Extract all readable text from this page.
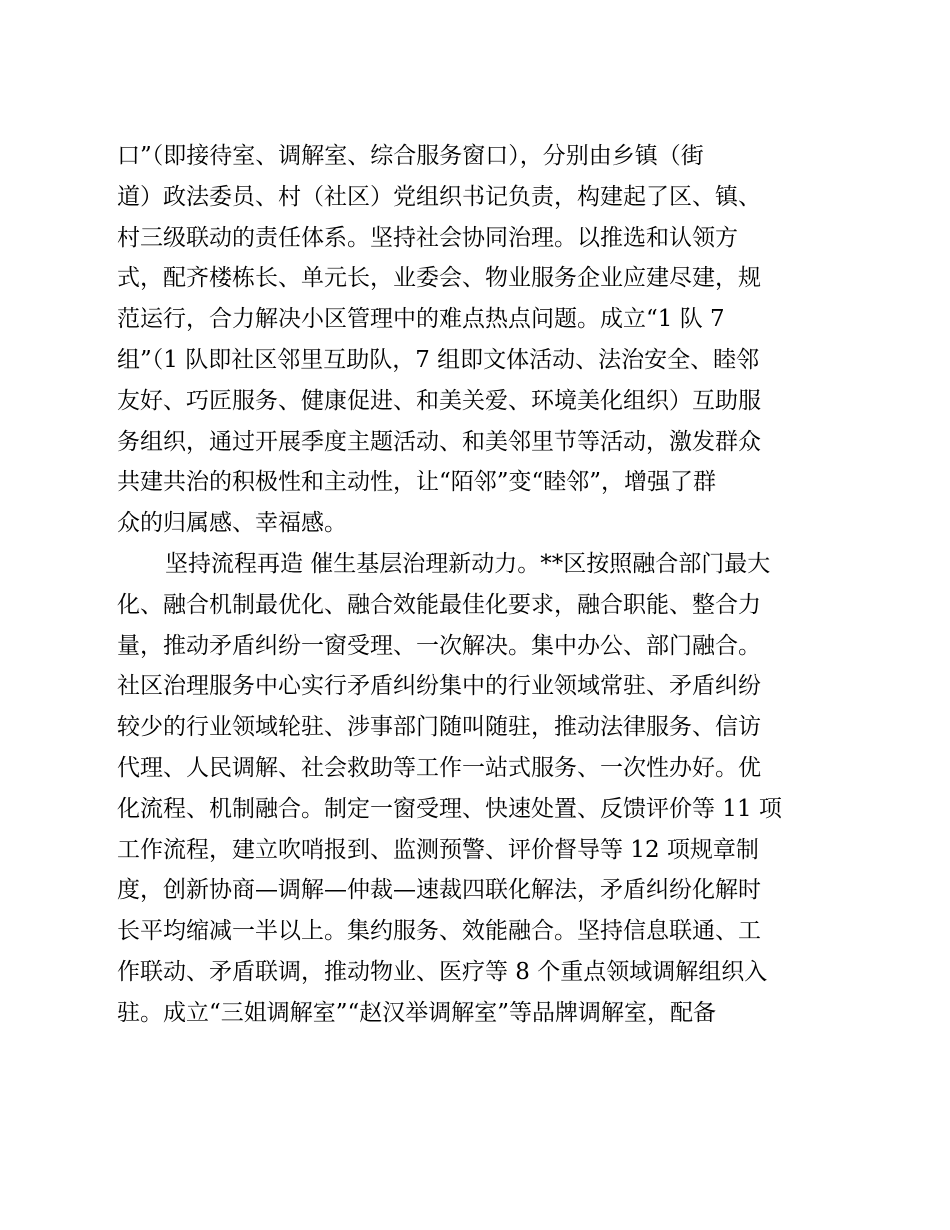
口”（即接待室、调解室、综合服务窗口），分别由乡镇（街
道）政法委员、村（社区）党组织书记负责，构建起了区、镇、
村三级联动的责任体系。坚持社会协同治理。以推选和认领方
式，配齐楼栋长、单元长，业委会、物业服务企业应建尽建，规
范运行，合力解决小区管理中的难点热点问题。成立“1 队 7
组”（1 队即社区邻里互助队，7 组即文体活动、法治安全、睦邻
友好、巧匠服务、健康促进、和美关爱、环境美化组织）互助服
务组织，通过开展季度主题活动、和美邻里节等活动，激发群众
共建共治的积极性和主动性，让“陌邻”变“睦邻”，增强了群
众的归属感、幸福感。
坚持流程再造 催生基层治理新动力。**区按照融合部门最大
化、融合机制最优化、融合效能最佳化要求，融合职能、整合力
量，推动矛盾纠纷一窗受理、一次解决。集中办公、部门融合。
社区治理服务中心实行矛盾纠纷集中的行业领域常驻、矛盾纠纷
较少的行业领域轮驻、涉事部门随叫随驻，推动法律服务、信访
代理、人民调解、社会救助等工作一站式服务、一次性办好。优
化流程、机制融合。制定一窗受理、快速处置、反馈评价等 11 项
工作流程，建立吹哨报到、监测预警、评价督导等 12 项规章制
度，创新协商—调解—仲裁—速裁四联化解法，矛盾纠纷化解时
长平均缩减一半以上。集约服务、效能融合。坚持信息联通、工
作联动、矛盾联调，推动物业、医疗等 8 个重点领域调解组织入
驻。成立“三姐调解室”“赵汉举调解室”等品牌调解室，配备
